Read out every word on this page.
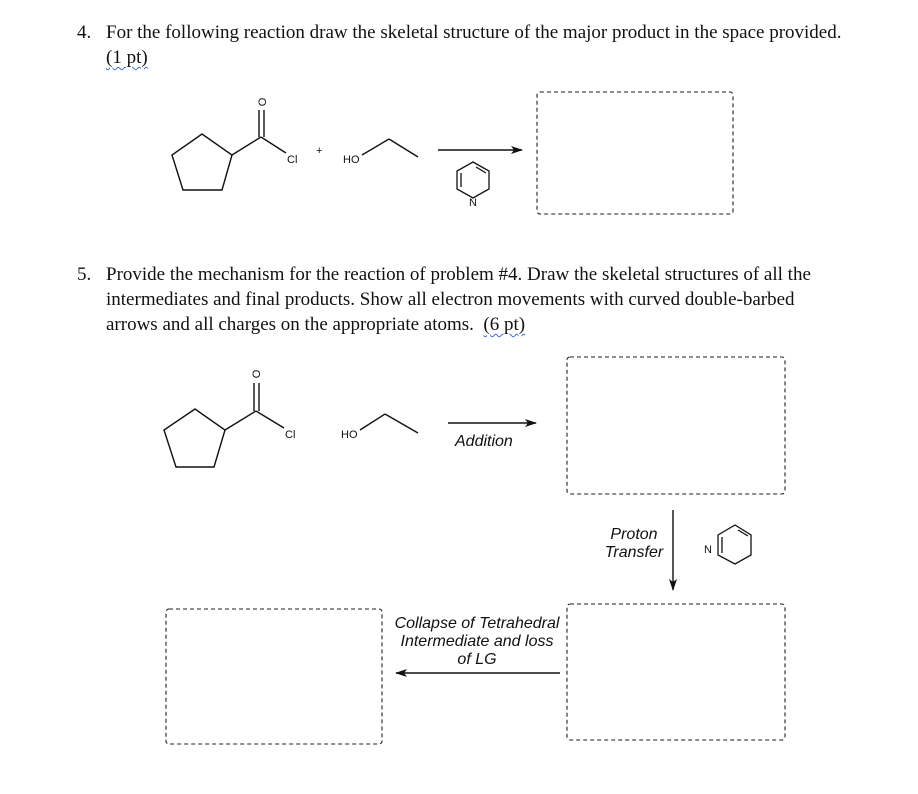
4. For the following reaction draw the skeletal structure of the major product in the space provided.
(1 pt)
5. Provide the mechanism for the reaction of problem #4. Draw the skeletal structures of all the
intermediates and final products. Show all electron movements with curved double-barbed
arrows and all charges on the appropriate atoms. (6 pt)
O
Cl
+
HO
N
O
Cl	HO
N
Addition
Proton
Transfer
Collapse of Tetrahedral
Intermediate and loss
of LG
